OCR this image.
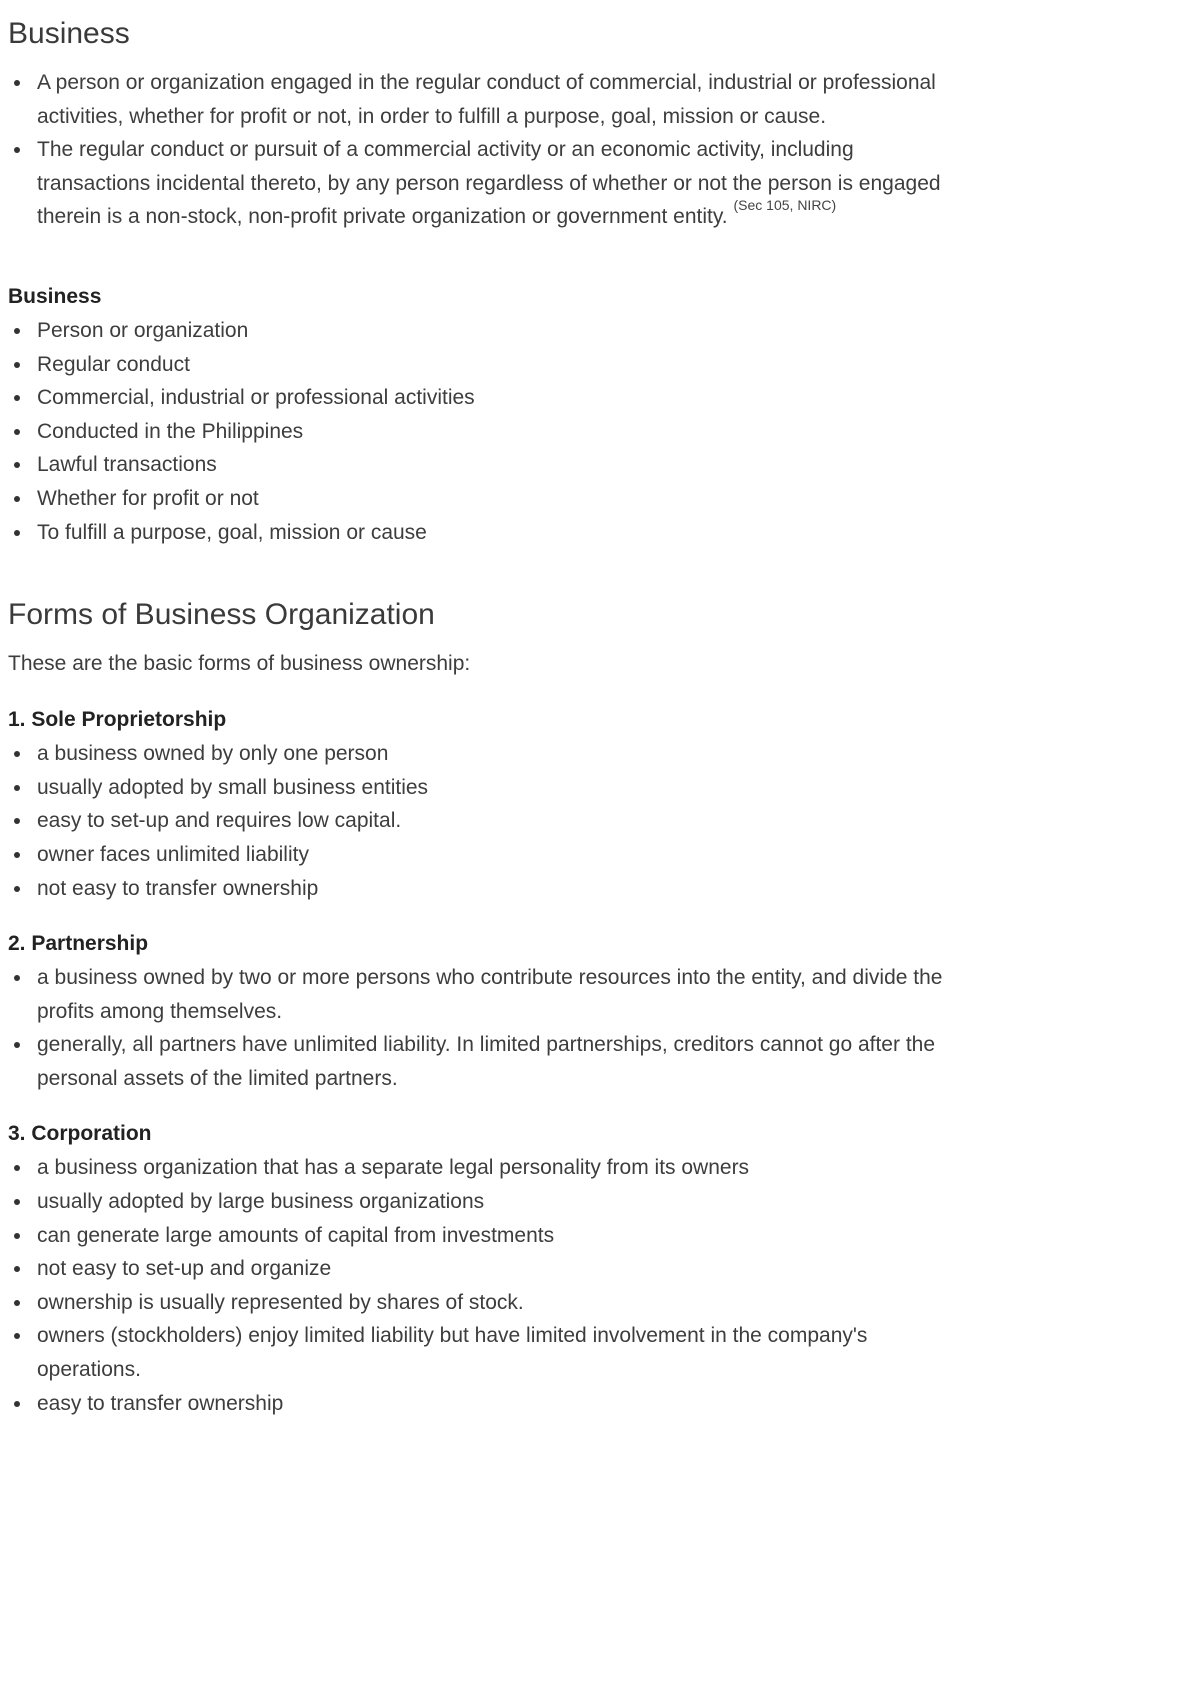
Business
A person or organization engaged in the regular conduct of commercial, industrial or professional activities, whether for profit or not, in order to fulfill a purpose, goal, mission or cause.
The regular conduct or pursuit of a commercial activity or an economic activity, including transactions incidental thereto, by any person regardless of whether or not the person is engaged therein is a non-stock, non-profit private organization or government entity. $^{(Sec 105, NIRC)}$
Business
Person or organization
Regular conduct
Commercial, industrial or professional activities
Conducted in the Philippines
Lawful transactions
Whether for profit or not
To fulfill a purpose, goal, mission or cause
Forms of Business Organization

These are the basic forms of business ownership:

1. Sole Proprietorship
a business owned by only one person
usually adopted by small business entities
easy to set-up and requires low capital.
owner faces unlimited liability
not easy to transfer ownership
2. Partnership
a business owned by two or more persons who contribute resources into the entity, and divide the profits among themselves.
generally, all partners have unlimited liability. In limited partnerships, creditors cannot go after the personal assets of the limited partners.
3. Corporation
a business organization that has a separate legal personality from its owners
usually adopted by large business organizations
can generate large amounts of capital from investments
not easy to set-up and organize
ownership is usually represented by shares of stock.
owners (stockholders) enjoy limited liability but have limited involvement in the company's operations.
easy to transfer ownership
